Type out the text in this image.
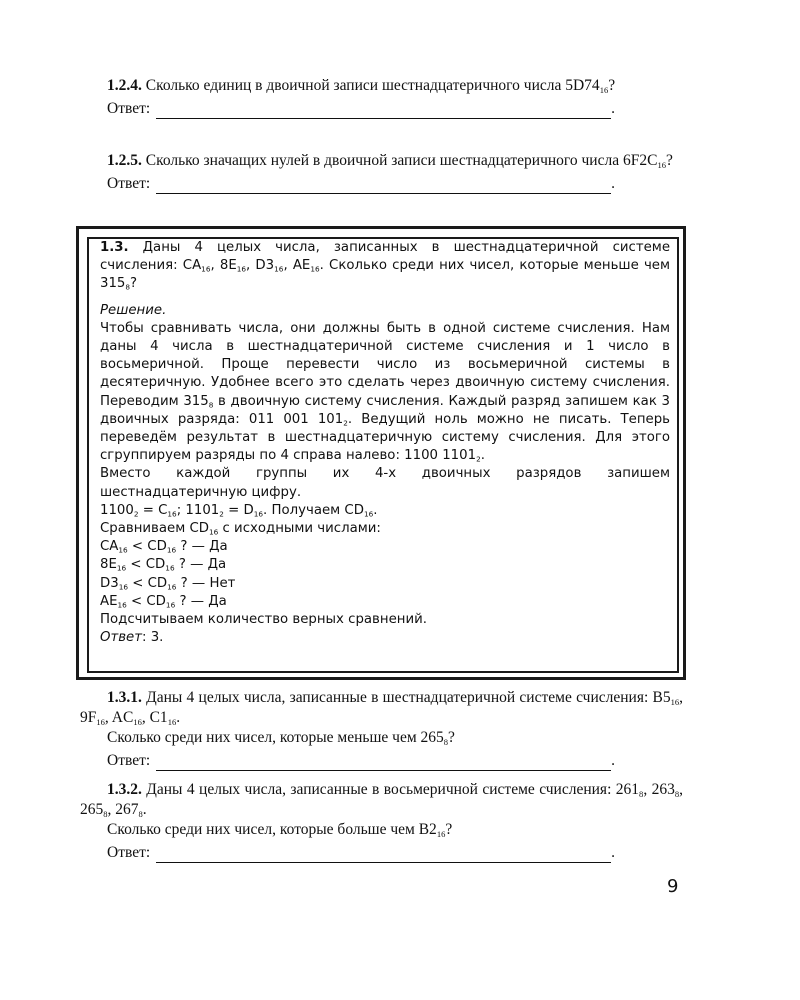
1.2.4. Сколько единиц в двоичной записи шестнадцатеричного числа $5D74_{16}$?

Ответ:	.

1.2.5. Сколько значащих нулей в двоичной записи шестнадцатеричного числа $6F2C_{16}$?

Ответ:	.

1.3. Даны 4 целых числа, записанных в шестнадцатеричной системе счисления: $CA_{16}$, $8E_{16}$, $D3_{16}$, $AE_{16}$. Сколько среди них чисел, которые меньше чем $315_8$?

Решение.

Чтобы сравнивать числа, они должны быть в одной системе счисления. Нам даны 4 числа в шестнадцатеричной системе счисления и 1 число в восьмеричной. Проще перевести число из восьмеричной системы в десятеричную. Удобнее всего это сделать через двоичную систему счисления. Переводим $315_8$ в двоичную систему счисления. Каждый разряд запишем как 3 двоичных разряда: 011 001 $101_2$. Ведущий ноль можно не писать. Теперь переведём результат в шестнадцатеричную систему счисления. Для этого сгруппируем разряды по 4 справа налево: 1100 $1101_2$.

Вместо каждой группы их 4-х двоичных разрядов запишем шестнадцатеричную цифру.

$1100_2 = C_{16}$; $1101_2 = D_{16}$. Получаем $CD_{16}$.

Сравниваем $CD_{16}$ с исходными числами:

$CA_{16} < CD_{16}$ ? — Да

$8E_{16} < CD_{16}$ ? — Да

$D3_{16} < CD_{16}$ ? — Нет

$AE_{16} < CD_{16}$ ? — Да

Подсчитываем количество верных сравнений.

Ответ: 3.

1.3.1. Даны 4 целых числа, записанные в шестнадцатеричной системе счисления: $B5_{16}$, $9F_{16}$, $AC_{16}$, $C1_{16}$.

Сколько среди них чисел, которые меньше чем $265_8$?

Ответ:	.

1.3.2. Даны 4 целых числа, записанные в восьмеричной системе счисления: $261_8$, $263_8$, $265_8$, $267_8$.

Сколько среди них чисел, которые больше чем $B2_{16}$?

Ответ:	.
9
